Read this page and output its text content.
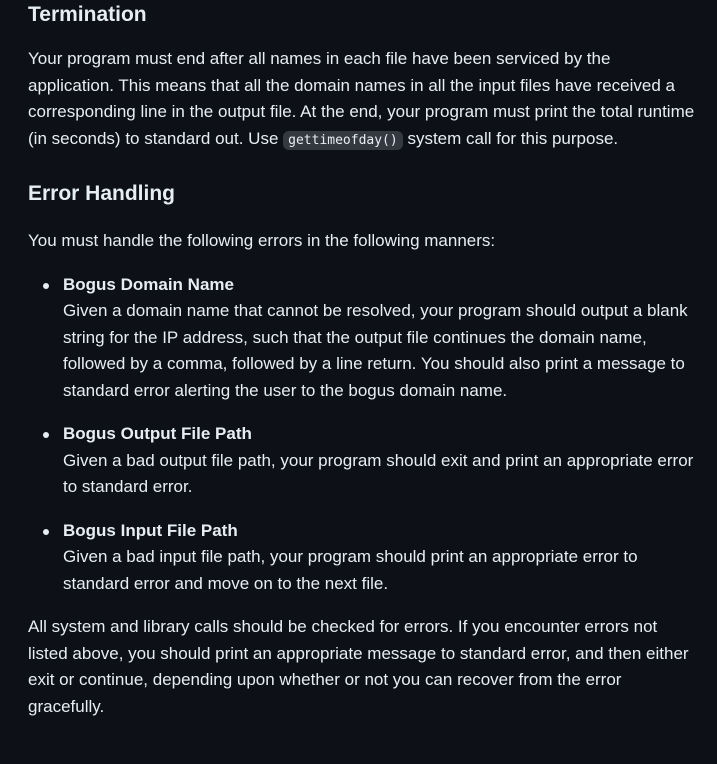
Termination

Your program must end after all names in each file have been serviced by the application. This means that all the domain names in all the input files have received a corresponding line in the output file. At the end, your program must print the total runtime (in seconds) to standard out. Use gettimeofday() system call for this purpose.

Error Handling

You must handle the following errors in the following manners:

Bogus Domain Name
Given a domain name that cannot be resolved, your program should output a blank string for the IP address, such that the output file continues the domain name, followed by a comma, followed by a line return. You should also print a message to standard error alerting the user to the bogus domain name.
Bogus Output File Path
Given a bad output file path, your program should exit and print an appropriate error to standard error.
Bogus Input File Path
Given a bad input file path, your program should print an appropriate error to standard error and move on to the next file.

All system and library calls should be checked for errors. If you encounter errors not listed above, you should print an appropriate message to standard error, and then either exit or continue, depending upon whether or not you can recover from the error gracefully.
